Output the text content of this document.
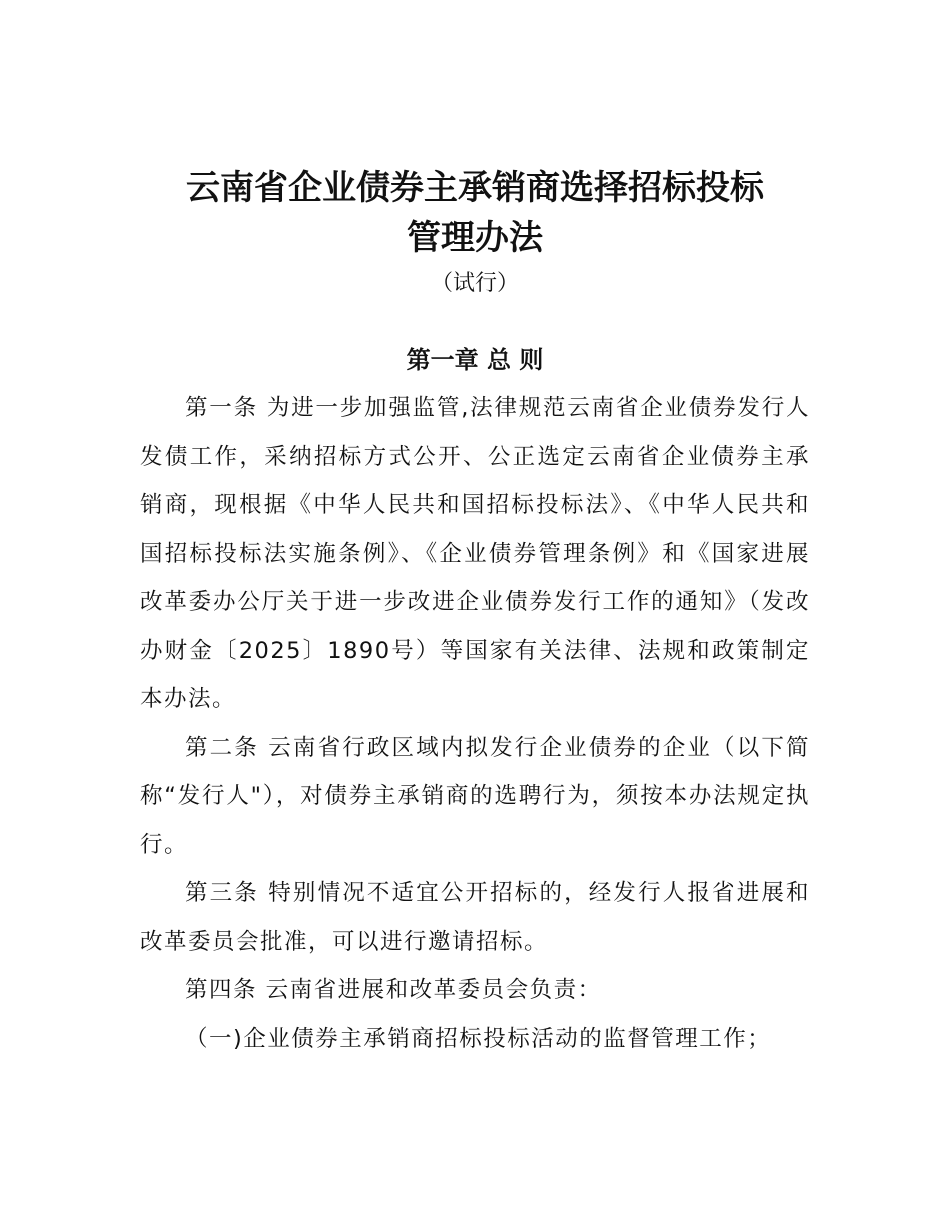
云南省企业债券主承销商选择招标投标
管理办法
（试行）
第一章 总 则

第一条 为进一步加强监管,法律规范云南省企业债券发行人发债工作，采纳招标方式公开、公正选定云南省企业债券主承销商，现根据《中华人民共和国招标投标法》、《中华人民共和国招标投标法实施条例》、《企业债券管理条例》和《国家进展改革委办公厅关于进一步改进企业债券发行工作的通知》（发改办财金〔2025〕1890号）等国家有关法律、法规和政策制定本办法。

第二条 云南省行政区域内拟发行企业债券的企业（以下简称“发行人"），对债券主承销商的选聘行为，须按本办法规定执行。

第三条 特别情况不适宜公开招标的，经发行人报省进展和改革委员会批准，可以进行邀请招标。

第四条 云南省进展和改革委员会负责：

（一)企业债券主承销商招标投标活动的监督管理工作；
